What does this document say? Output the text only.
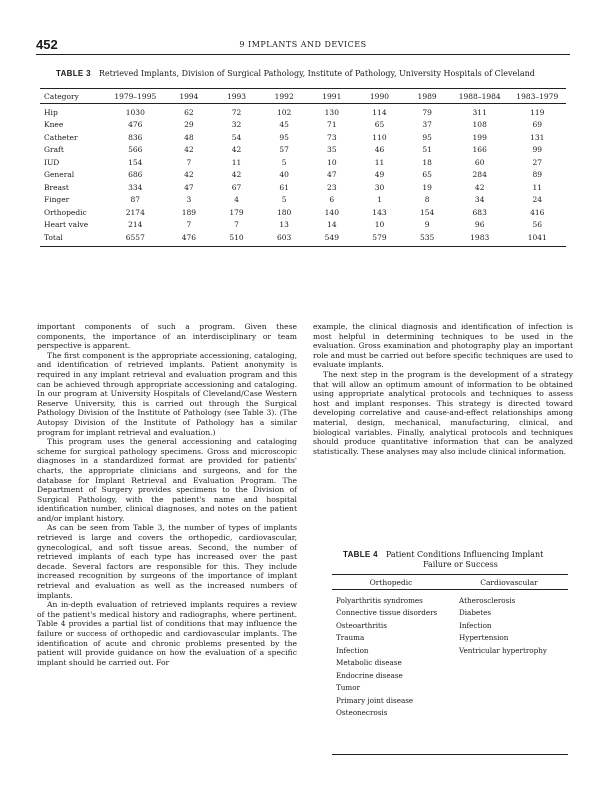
452	9 IMPLANTS AND DEVICES
TABLE 3 Retrieved Implants, Division of Surgical Pathology, Institute of Pathology, University Hospitals of Cleveland
Category	1979–1995	1994	1993	1992	1991	1990	1989	1988–1984	1983–1979
Hip	1030	62	72	102	130	114	79	311	119
Knee	476	29	32	45	71	65	37	108	69
Catheter	836	48	54	95	73	110	95	199	131
Graft	566	42	42	57	35	46	51	166	99
IUD	154	7	11	5	10	11	18	60	27
General	686	42	42	40	47	49	65	284	89
Breast	334	47	67	61	23	30	19	42	11
Finger	87	3	4	5	6	1	8	34	24
Orthopedic	2174	189	179	180	140	143	154	683	416
Heart valve	214	7	7	13	14	10	9	96	56
Total	6557	476	510	603	549	579	535	1983	1041

important components of such a program. Given these components, the importance of an interdisciplinary or team perspective is apparent.

The first component is the appropriate accessioning, cataloging, and identification of retrieved implants. Patient anonymity is required in any implant retrieval and evaluation program and this can be achieved through appropriate accessioning and cataloging. In our program at University Hospitals of Cleveland/Case Western Reserve University, this is carried out through the Surgical Pathology Division of the Institute of Pathology (see Table 3). (The Autopsy Division of the Institute of Pathology has a similar program for implant retrieval and evaluation.)

This program uses the general accessioning and cataloging scheme for surgical pathology specimens. Gross and microscopic diagnoses in a standardized format are provided for patients' charts, the appropriate clinicians and surgeons, and for the database for Implant Retrieval and Evaluation Program. The Department of Surgery provides specimens to the Division of Surgical Pathology, with the patient's name and hospital identification number, clinical diagnoses, and notes on the patient and/or implant history.

As can be seen from Table 3, the number of types of implants retrieved is large and covers the orthopedic, cardiovascular, gynecological, and soft tissue areas. Second, the number of retrieved implants of each type has increased over the past decade. Several factors are responsible for this. They include increased recognition by surgeons of the importance of implant retrieval and evaluation as well as the increased numbers of implants.

An in-depth evaluation of retrieved implants requires a review of the patient's medical history and radiographs, where pertinent. Table 4 provides a partial list of conditions that may influence the failure or success of orthopedic and cardiovascular implants. The identification of acute and chronic problems presented by the patient will provide guidance on how the evaluation of a specific implant should be carried out. For

example, the clinical diagnosis and identification of infection is most helpful in determining techniques to be used in the evaluation. Gross examination and photography play an important role and must be carried out before specific techniques are used to evaluate implants.

The next step in the program is the development of a strategy that will allow an optimum amount of information to be obtained using appropriate analytical protocols and techniques to assess host and implant responses. This strategy is directed toward developing correlative and cause-and-effect relationships among material, design, mechanical, manufacturing, clinical, and biological variables. Finally, analytical protocols and techniques should produce quantitative information that can be analyzed statistically. These analyses may also include clinical information.

TABLE 4 Patient Conditions Influencing Implant
Failure or Success
Orthopedic	Cardiovascular
Polyarthritis syndromes	Atherosclerosis
Connective tissue disorders	Diabetes
Osteoarthritis	Infection
Trauma	Hypertension
Infection	Ventricular hypertrophy
Metabolic disease
Endocrine disease
Tumor
Primary joint disease
Osteonecrosis
